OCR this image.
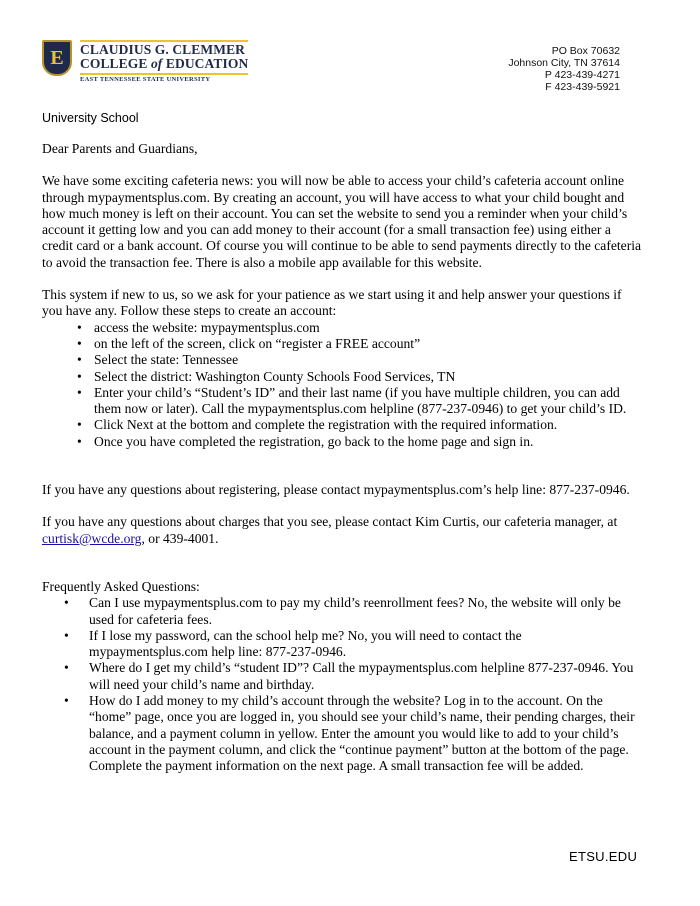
E CLAUDIUS G. CLEMMER
COLLEGE of EDUCATION
EAST TENNESSEE STATE UNIVERSITY
PO Box 70632
Johnson City, TN 37614
P 423-439-4271
F 423-439-5921
University School

Dear Parents and Guardians,

We have some exciting cafeteria news: you will now be able to access your child’s cafeteria account online through mypaymentsplus.com. By creating an account, you will have access to what your child bought and how much money is left on their account. You can set the website to send you a reminder when your child’s account it getting low and you can add money to their account (for a small transaction fee) using either a credit card or a bank account. Of course you will continue to be able to send payments directly to the cafeteria to avoid the transaction fee. There is also a mobile app available for this website.

This system if new to us, so we ask for your patience as we start using it and help answer your questions if you have any. Follow these steps to create an account:

• access the website: mypaymentsplus.com
• on the left of the screen, click on “register a FREE account”
• Select the state: Tennessee
• Select the district: Washington County Schools Food Services, TN
• Enter your child’s “Student’s ID” and their last name (if you have multiple children, you can add them now or later). Call the mypaymentsplus.com helpline (877-237-0946) to get your child’s ID.
• Click Next at the bottom and complete the registration with the required information.
• Once you have completed the registration, go back to the home page and sign in.

If you have any questions about registering, please contact mypaymentsplus.com’s help line: 877-237-0946.

If you have any questions about charges that you see, please contact Kim Curtis, our cafeteria manager, at curtisk@wcde.org, or 439-4001.

Frequently Asked Questions:

• Can I use mypaymentsplus.com to pay my child’s reenrollment fees? No, the website will only be used for cafeteria fees.
• If I lose my password, can the school help me? No, you will need to contact the mypaymentsplus.com help line: 877-237-0946.
• Where do I get my child’s “student ID”? Call the mypaymentsplus.com helpline 877-237-0946. You will need your child’s name and birthday.
• How do I add money to my child’s account through the website? Log in to the account. On the “home” page, once you are logged in, you should see your child’s name, their pending charges, their balance, and a payment column in yellow. Enter the amount you would like to add to your child’s account in the payment column, and click the “continue payment” button at the bottom of the page. Complete the payment information on the next page. A small transaction fee will be added.
ETSU.EDU
